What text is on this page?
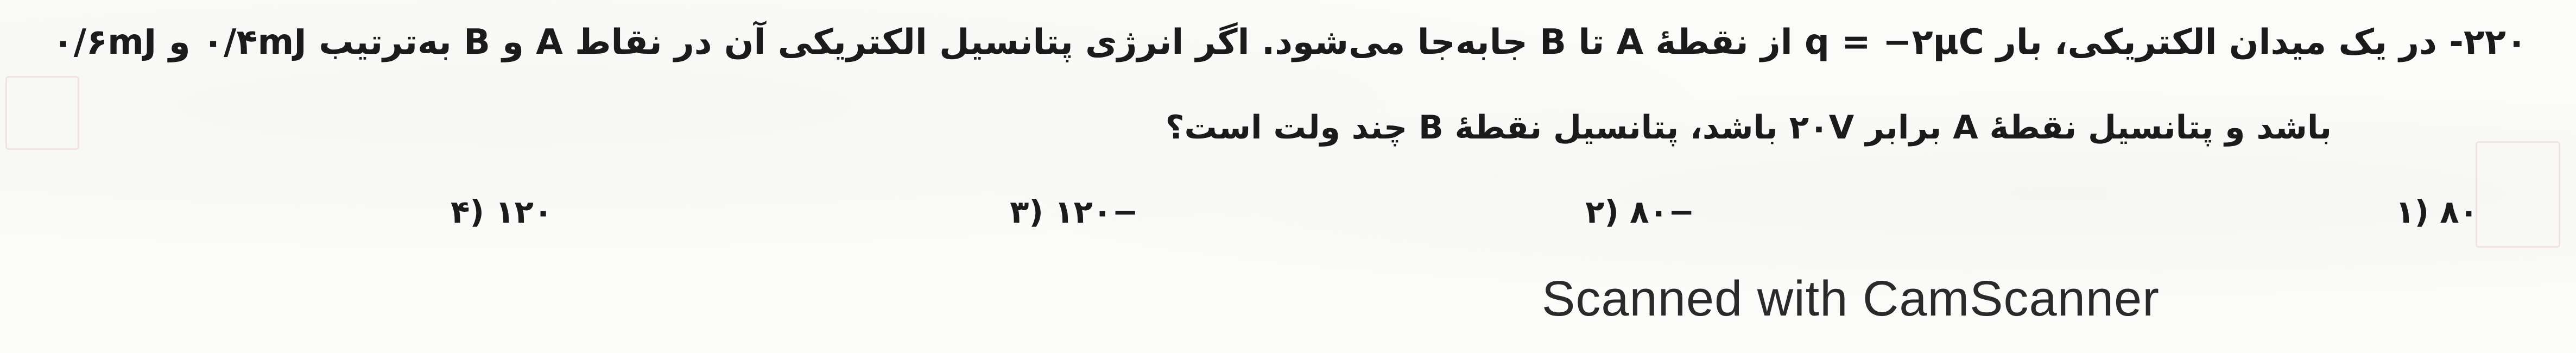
۲۲۰- در یک میدان الکتریکی، بار q = −۲µC از نقطهٔ A تا B جابه‌جا می‌شود. اگر انرژی پتانسیل الکتریکی آن در نقاط A و B به‌ترتیب ۰/۴mJ و ۰/۶mJ
باشد و پتانسیل نقطهٔ A برابر ۲۰V باشد، پتانسیل نقطهٔ B چند ولت است؟
۸۰ (۱
−۸۰ (۲
−۱۲۰ (۳
۱۲۰ (۴
Scanned with CamScanner
